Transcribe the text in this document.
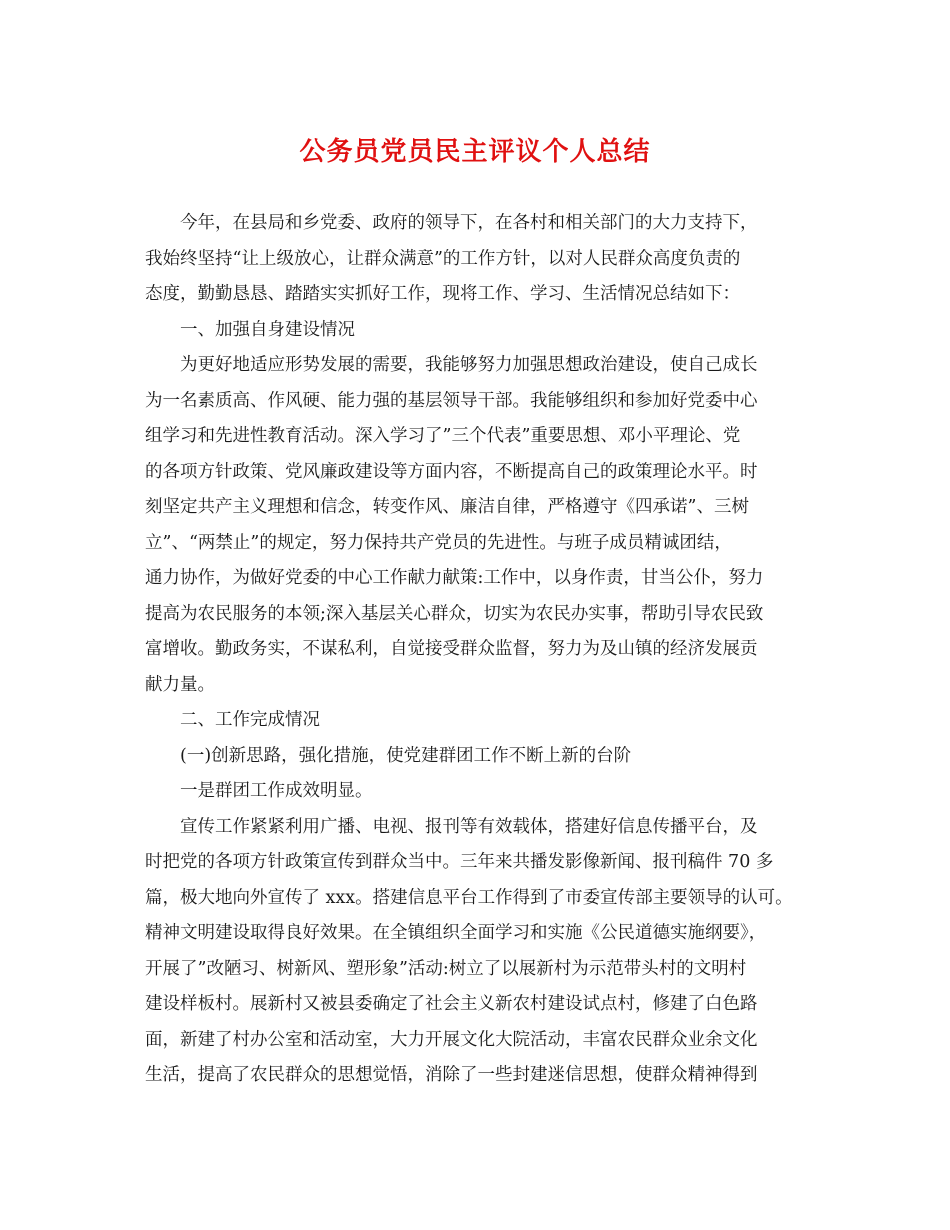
公务员党员民主评议个人总结
今年，在县局和乡党委、政府的领导下，在各村和相关部门的大力支持下，
我始终坚持“让上级放心，让群众满意”的工作方针，以对人民群众高度负责的
态度，勤勤恳恳、踏踏实实抓好工作，现将工作、学习、生活情况总结如下：
一、加强自身建设情况
为更好地适应形势发展的需要，我能够努力加强思想政治建设，使自己成长
为一名素质高、作风硬、能力强的基层领导干部。我能够组织和参加好党委中心
组学习和先进性教育活动。深入学习了”三个代表”重要思想、邓小平理论、党
的各项方针政策、党风廉政建设等方面内容，不断提高自己的政策理论水平。时
刻坚定共产主义理想和信念，转变作风、廉洁自律，严格遵守《四承诺”、三树
立”、“两禁止”的规定，努力保持共产党员的先进性。与班子成员精诚团结，
通力协作，为做好党委的中心工作献力献策:工作中，以身作责，甘当公仆，努力
提高为农民服务的本领;深入基层关心群众，切实为农民办实事，帮助引导农民致
富增收。勤政务实，不谋私利，自觉接受群众监督，努力为及山镇的经济发展贡
献力量。
二、工作完成情况
(一)创新思路，强化措施，使党建群团工作不断上新的台阶
一是群团工作成效明显。
宣传工作紧紧利用广播、电视、报刊等有效载体，搭建好信息传播平台，及
时把党的各项方针政策宣传到群众当中。三年来共播发影像新闻、报刊稿件 70 多
篇，极大地向外宣传了 xxx。搭建信息平台工作得到了市委宣传部主要领导的认可。
精神文明建设取得良好效果。在全镇组织全面学习和实施《公民道德实施纲要》，
开展了”改陋习、树新风、塑形象”活动:树立了以展新村为示范带头村的文明村
建设样板村。展新村又被县委确定了社会主义新农村建设试点村，修建了白色路
面，新建了村办公室和活动室，大力开展文化大院活动，丰富农民群众业余文化
生活，提高了农民群众的思想觉悟，消除了一些封建迷信思想，使群众精神得到
